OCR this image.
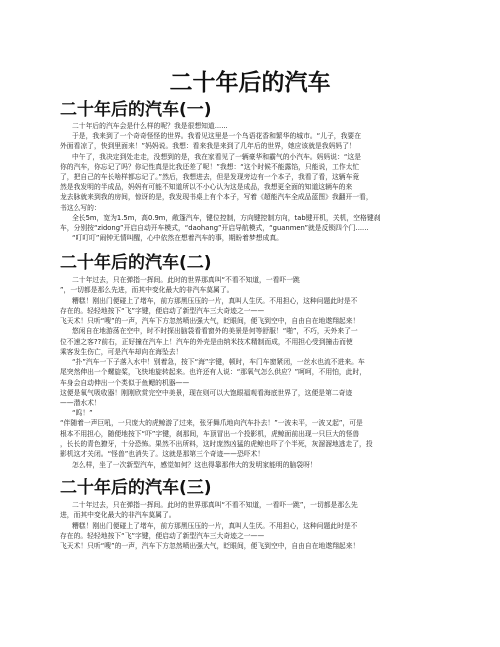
二十年后的汽车
二十年后的汽车(一)
二十年后的汽车会是什么样的呢？我是很想知道......
于是，我来到了一个奇奇怪怪的世界。我看见这里是一个鸟语花香和繁华的城市。“儿子，我要在
外面看凉了，快到里面来！”妈妈说。我想：看来我是来到了几年后的世界，她应该就是我妈妈了！
中午了，我决定到处走走，没想到的是，我在家看见了一辆豪华和霸气的小汽车。妈妈说：“这是
你的汽车，你忘记了吗？你记性真是比我还差了呢！”我想：“这个时候不能露馅，只能说，工作太忙
了，把自己的车长啥样都忘记了。”然后，我想进去，但是发现旁边有一个本子，我看了看，这辆车竟
然是我发明的半成品，妈妈有可能不知道所以不小心认为这是成品，我想更全面的知道这辆车的来
龙去脉就来到我的房间，惊讶的是，我发现书桌上有个本子，写着《超能汽车全成品蓝图》我翻开一看，
书这么写的：
全长5m，宽为1.5m，高0.9m，敞篷汽车，键位控制，方向键控制方向，tab键开机，关机，空格键刹
车，分别按“zidong”开启自动开车模式，“daohang”开启导航模式，“guanmen”就是反锁四个门......
“叮叮叮”闹钟无情叫醒，心中依然在想着汽车的事，期盼着梦想成真。
二十年后的汽车(二)
二十年过去，只在弹指一挥间。此时的世界那真叫“不看不知道，一看吓一跳
”，一切都是那么先进，而其中变化最大的非汽车莫属了。
糟糕！刚出门便碰上了堵车，前方那黑压压的一片，真叫人生厌。不用担心，这种问题此时是不
存在的。轻轻地按下“飞”字键，便启动了新型汽车三大奇迹之一——
飞天术！只听“嗖”的一声，汽车下方忽然喷出强大气，眨眼间，便飞到空中，自由自在地遨翔起来！
悠闲自在地游荡在空中，时不时探出脑袋看看窗外的美景是何等舒服！“啪”，不巧，天外来了一
位不速之客??前右，正好撞在汽车上！汽车的外壳是由纳米技术精制而成，不用担心受到撞击而使
乘客发生伤亡，可是汽车却向在海坠去！
“扑”汽车一下子落入水中！别着急，按下“海”字键，顿时，车门车窗紧闭，一丝水也流不进来。车
尾突然伸出一个螺旋桨，飞快地旋转起来。也许还有人说：“那氧气怎么供应？”呵呵，不用怕，此时，
车身会自动伸出一个类似于鱼鳃的机器——
这便是氧气吸收器！刚刚欣赏完空中美景，现在则可以大饱眼福观看海底世界了，这便是第二奇迹
——潜水术！
“呜！”
“伴随着一声巨吼，一只庞大的虎鲸游了过来，张牙舞爪地向汽车扑去！”一波未平，一波又起”，可是
根本不用担心，随便地按下“吓”字键，刹那间，车顶冒出一个投影机，虎鲸面前出现一只巨大的怪兽
，长长的青色獠牙，十分恐怖。果然不出所料，这时庞然凶猛的虎鲸也吓了个半死，灰溜溜地逃走了，投
影机这才关闭。“怪兽”也消失了。这就是那第三个奇迹——恐吓术！
怎么样，坐了一次新型汽车，感觉如何？这也得靠那伟大的发明家能明的脑袋呀！
二十年后的汽车(三)
二十年过去，只在弹指一挥间。此时的世界那真叫“不看不知道，一看吓一跳”，一切都是那么先
进，而其中变化最大的非汽车莫属了。
糟糕！刚出门便碰上了堵车，前方那黑压压的一片，真叫人生厌。不用担心，这种问题此时是不
存在的。轻轻地按下“飞”字键，便启动了新型汽车三大奇迹之一——
飞天术！只听“嗖”的一声，汽车下方忽然喷出强大气，眨眼间，便飞到空中，自由自在地遨翔起来！
